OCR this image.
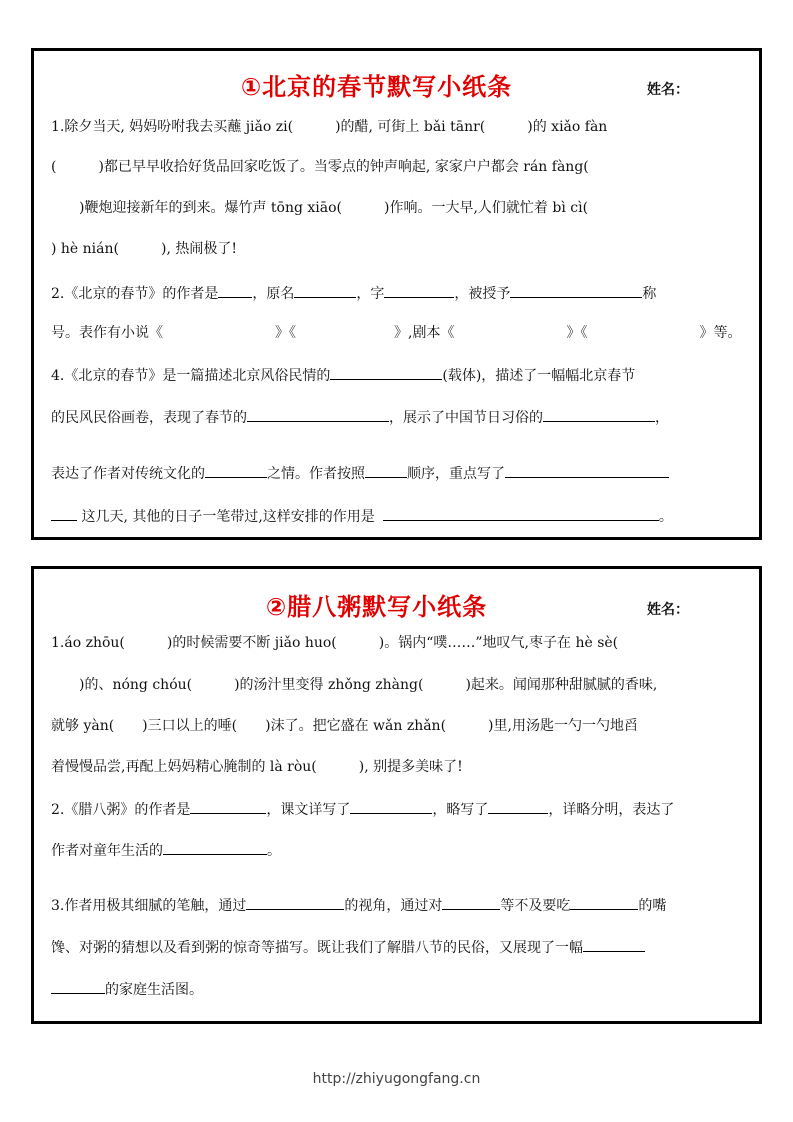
①北京的春节默写小纸条	姓名：
1.除夕当天, 妈妈吩咐我去买蘸 jiǎo zi(　　　)的醋, 可街上 bǎi tānr(　　　)的 xiǎo fàn
(　　　)都已早早收拾好货品回家吃饭了。当零点的钟声响起, 家家户户都会 rán fàng(
　　)鞭炮迎接新年的到来。爆竹声 tōng xiāo(　　　)作响。一大早,人们就忙着 bì cì(
) hè nián(　　　), 热闹极了!
2.《北京的春节》的作者是 ，原名	，字	，被授予	称
号。表作有小说《　　　　　　　　》《　　　　　　　》,剧本《　　　　　　　　》《　　　　　　　　》等。
4.《北京的春节》是一篇描述北京风俗民情的	(载体)，描述了一幅幅北京春节
的民风民俗画卷，表现了春节的	，展示了中国节日习俗的	，
表达了作者对传统文化的	之情。作者按照	顺序，重点写了
这几天, 其他的日子一笔带过,这样安排的作用是	。
②腊八粥默写小纸条	姓名：
1.áo zhōu(　　　)的时候需要不断 jiǎo huo(　　　)。锅内“噗……”地叹气,枣子在 hè sè(
　　)的、nóng chóu(　　　)的汤汁里变得 zhǒng zhàng(　　　)起来。闻闻那种甜腻腻的香味,
就够 yàn(　　)三口以上的唾(　　)沫了。把它盛在 wǎn zhǎn(　　　)里,用汤匙一勺一勺地舀
着慢慢品尝,再配上妈妈精心腌制的 là ròu(　　　), 别提多美味了!
2.《腊八粥》的作者是	，课文详写了	，略写了	，详略分明，表达了
作者对童年生活的	。
3.作者用极其细腻的笔触，通过	的视角，通过对	等不及要吃	的嘴
馋、对粥的猜想以及看到粥的惊奇等描写。既让我们了解腊八节的民俗，又展现了一幅
的家庭生活图。
http://zhiyugongfang.cn
